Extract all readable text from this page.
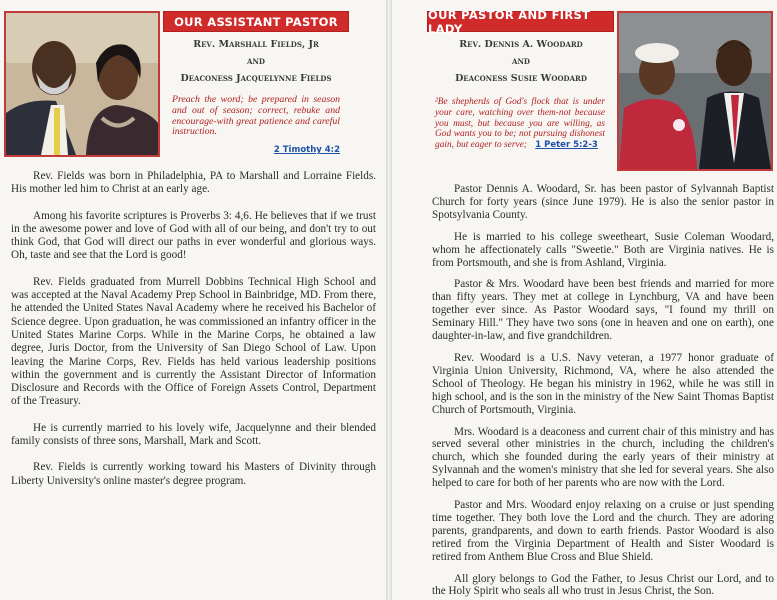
OUR ASSISTANT PASTOR
Rev. Marshall Fields, Jr
and
Deaconess Jacquelynne Fields
Preach the word; be prepared in season and out of season; correct, rebuke and encourage-with great patience and careful instruction.
2 Timothy 4:2

Rev. Fields was born in Philadelphia, PA to Marshall and Lorraine Fields. His mother led him to Christ at an early age.

Among his favorite scriptures is Proverbs 3: 4,6. He believes that if we trust in the awesome power and love of God with all of our being, and don't try to out think God, that God will direct our paths in ever wonderful and glorious ways. Oh, taste and see that the Lord is good!

Rev. Fields graduated from Murrell Dobbins Technical High School and was accepted at the Naval Academy Prep School in Bainbridge, MD. From there, he attended the United States Naval Academy where he received his Bachelor of Science degree. Upon graduation, he was commissioned an infantry officer in the United States Marine Corps. While in the Marine Corps, he obtained a law degree, Juris Doctor, from the University of San Diego School of Law. Upon leaving the Marine Corps, Rev. Fields has held various leadership positions within the government and is currently the Assistant Director of Information Disclosure and Records with the Office of Foreign Assets Control, Department of the Treasury.

He is currently married to his lovely wife, Jacquelynne and their blended family consists of three sons, Marshall, Mark and Scott.

Rev. Fields is currently working toward his Masters of Divinity through Liberty University's online master's degree program.

OUR PASTOR AND FIRST LADY
Rev. Dennis A. Woodard
and
Deaconess Susie Woodard
²Be shepherds of God's flock that is under your care, watching over them-not because you must, but because you are willing, as God wants you to be; not pursuing dishonest gain, but eager to serve; 1 Peter 5:2-3

Pastor Dennis A. Woodard, Sr. has been pastor of Sylvannah Baptist Church for forty years (since June 1979). He is also the senior pastor in Spotsylvania County.

He is married to his college sweetheart, Susie Coleman Woodard, whom he affectionately calls "Sweetie." Both are Virginia natives. He is from Portsmouth, and she is from Ashland, Virginia.

Pastor & Mrs. Woodard have been best friends and married for more than fifty years. They met at college in Lynchburg, VA and have been together ever since. As Pastor Woodard says, "I found my thrill on Seminary Hill." They have two sons (one in heaven and one on earth), one daughter-in-law, and five grandchildren.

Rev. Woodard is a U.S. Navy veteran, a 1977 honor graduate of Virginia Union University, Richmond, VA, where he also attended the School of Theology. He began his ministry in 1962, while he was still in high school, and is the son in the ministry of the New Saint Thomas Baptist Church of Portsmouth, Virginia.

Mrs. Woodard is a deaconess and current chair of this ministry and has served several other ministries in the church, including the children's church, which she founded during the early years of their ministry at Sylvannah and the women's ministry that she led for several years. She also helped to care for both of her parents who are now with the Lord.

Pastor and Mrs. Woodard enjoy relaxing on a cruise or just spending time together. They both love the Lord and the church. They are adoring parents, grandparents, and down to earth friends. Pastor Woodard is also retired from the Virginia Department of Health and Sister Woodard is retired from Anthem Blue Cross and Blue Shield.

All glory belongs to God the Father, to Jesus Christ our Lord, and to the Holy Spirit who seals all who trust in Jesus Christ, the Son.
